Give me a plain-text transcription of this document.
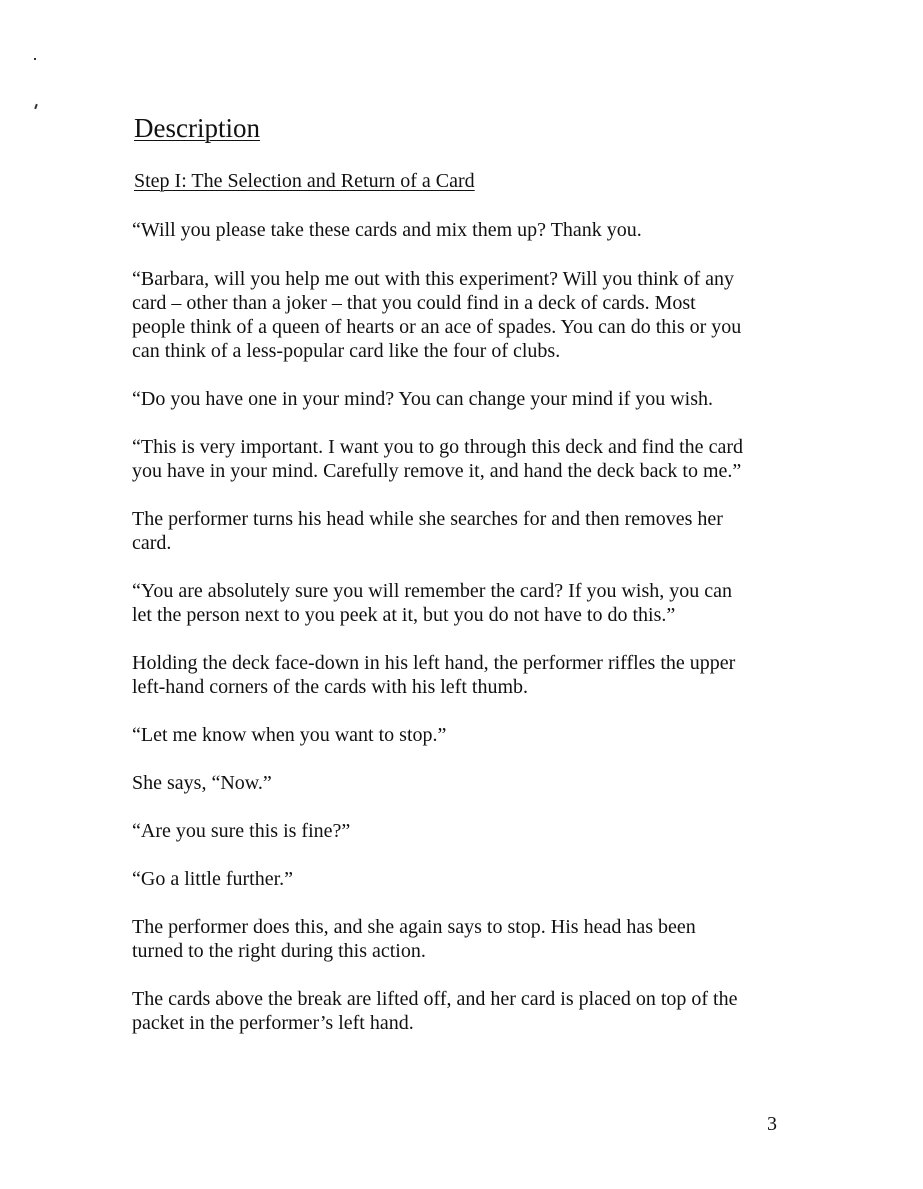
Description
Step I: The Selection and Return of a Card

“Will you please take these cards and mix them up? Thank you.

“Barbara, will you help me out with this experiment? Will you think of any
card – other than a joker – that you could find in a deck of cards. Most
people think of a queen of hearts or an ace of spades. You can do this or you
can think of a less-popular card like the four of clubs.

“Do you have one in your mind? You can change your mind if you wish.

“This is very important. I want you to go through this deck and find the card
you have in your mind. Carefully remove it, and hand the deck back to me.”

The performer turns his head while she searches for and then removes her
card.

“You are absolutely sure you will remember the card? If you wish, you can
let the person next to you peek at it, but you do not have to do this.”

Holding the deck face-down in his left hand, the performer riffles the upper
left-hand corners of the cards with his left thumb.

“Let me know when you want to stop.”

She says, “Now.”

“Are you sure this is fine?”

“Go a little further.”

The performer does this, and she again says to stop. His head has been
turned to the right during this action.

The cards above the break are lifted off, and her card is placed on top of the
packet in the performer’s left hand.

3
